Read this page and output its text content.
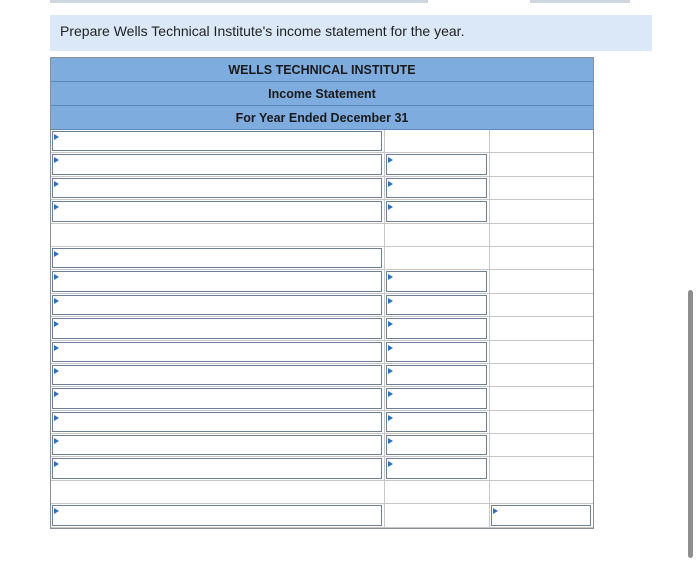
Prepare Wells Technical Institute's income statement for the year.
WELLS TECHNICAL INSTITUTE
Income Statement
For Year Ended December 31
